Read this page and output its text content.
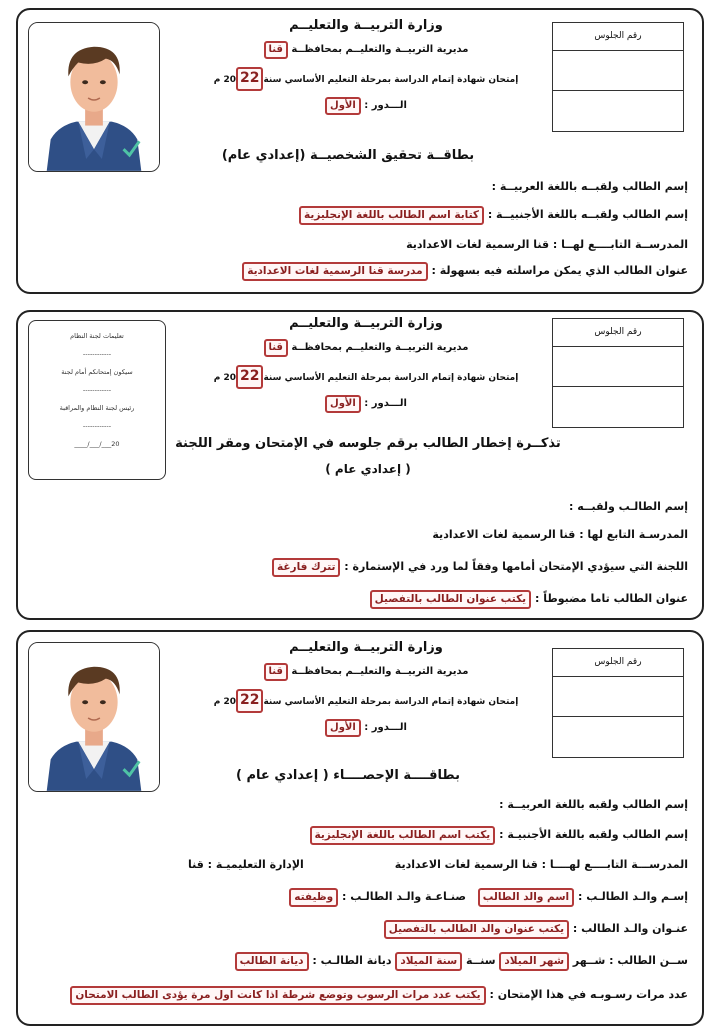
رقم الجلوس
وزارة التربيــة والتعليــم
مديرية التربيــة والتعليــم بمحافظــة قنا
إمتحان شهادة إتمام الدراسة بمرحلة التعليم الأساسي سنة20 22 م
الـــدور : الأول
بطاقــة تحقيق الشخصيــة (إعدادي عام)
إسم الطالب ولقبــه باللغة العربيــة :
إسم الطالب ولقبــه باللغة الأجنبيــة : كتابة اسم الطالب باللغة الإنجليزية
المدرســة التابــــع لهــا : قنا الرسمية لغات الاعدادية
عنوان الطالب الذي يمكن مراسلته فيه بسهولة : مدرسة قنا الرسمية لغات الاعدادية
تعليمات لجنة النظام
------------
سيكون إمتحانكم أمام لجنة
------------
رئيس لجنة النظام والمراقبة
------------
20___/___/____
رقم الجلوس
وزارة التربيــة والتعليــم
مديرية التربيــة والتعليــم بمحافظــة قنا
إمتحان شهادة إتمام الدراسة بمرحلة التعليم الأساسي سنة20 22 م
الـــدور : الأول
تذكــرة إخطار الطالب برقم جلوسه في الإمتحان ومقر اللجنة
( إعدادي عام )
إسم الطالـب ولقبــه :
المدرسـة التابع لها : قنا الرسمية لغات الاعدادية
اللجنة التي سيؤدي الإمتحان أمامها وفقاً لما ورد في الإستمارة : تترك فارغة
عنوان الطالب تاما مضبوطاً : يكتب عنوان الطالب بالتفصيل
رقم الجلوس
وزارة التربيــة والتعليــم
مديرية التربيــة والتعليــم بمحافظــة قنا
إمتحان شهادة إتمام الدراسة بمرحلة التعليم الأساسي سنة20 22 م
الـــدور : الأول
بطاقــــة الإحصــــاء ( إعدادي عام )
إسم الطالب ولقبه باللغة العربيــة :
إسم الطالب ولقبه باللغة الأجنبيـة : يكتب اسم الطالب باللغة الإنجليزية
المدرســـة التابــــع لهــــا : قنا الرسمية لغات الاعدادية
الإدارة التعليميـة : قنا
إسـم والـد الطالـب : اسم والد الطالب
صنـاعـة والـد الطالـب : وظيفته
عنـوان والـد الطالب : يكتب عنوان والد الطالب بالتفصيل
ســن الطالب : شــهر شهر الميلاد سنــة سنة الميلاد ديانة الطالـب : ديانة الطالب
عدد مرات رسـوبـه في هذا الإمتحان : يكتب عدد مرات الرسوب وتوضع شرطة اذا كانت اول مرة يؤدى الطالب الامتحان
